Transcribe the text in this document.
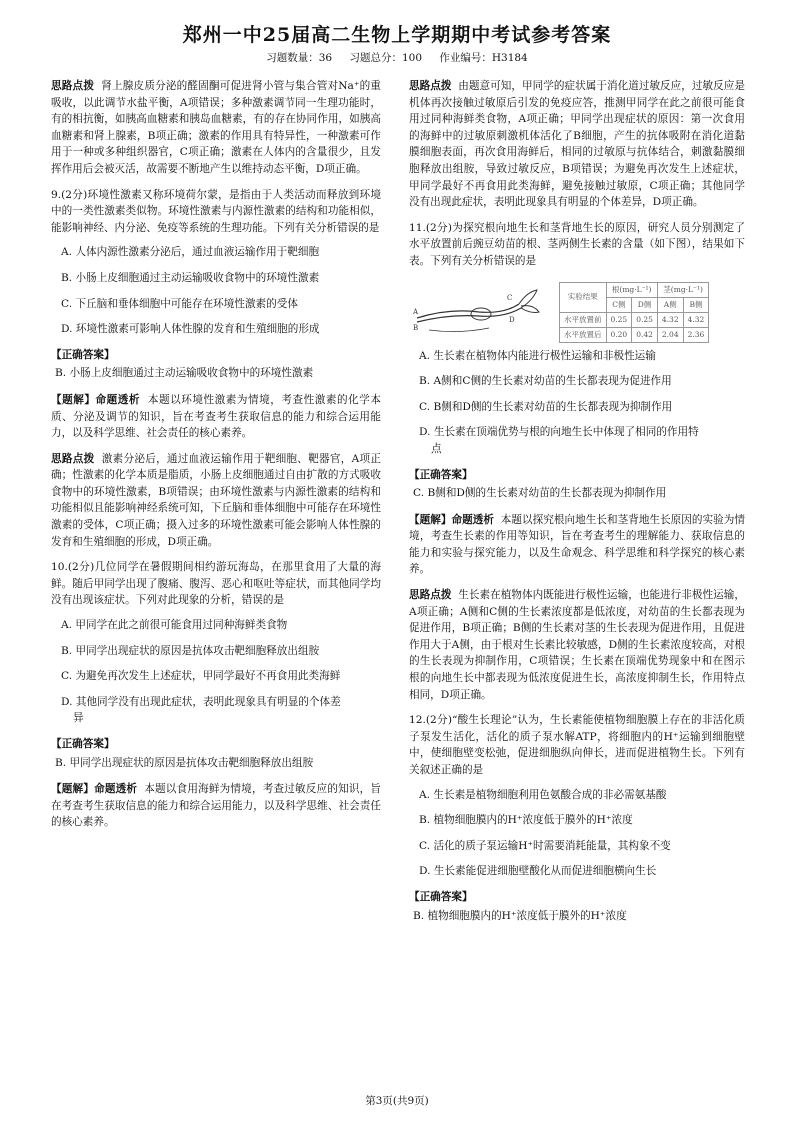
郑州一中25届高二生物上学期期中考试参考答案
习题数量：36 习题总分：100 作业编号：H3184

思路点拨 肾上腺皮质分泌的醛固酮可促进肾小管与集合管对Na⁺的重吸收，以此调节水盐平衡，A项错误；多种激素调节同一生理功能时，有的相抗衡，如胰高血糖素和胰岛血糖素，有的存在协同作用，如胰高血糖素和肾上腺素，B项正确；激素的作用具有特异性，一种激素可作用于一种或多种组织器官，C项正确；激素在人体内的含量很少，且发挥作用后会被灭活，故需要不断地产生以维持动态平衡，D项正确。

9.(2分)环境性激素又称环境荷尔蒙，是指由于人类活动而释放到环境中的一类性激素类似物。环境性激素与内源性激素的结构和功能相似，能影响神经、内分泌、免疫等系统的生理功能。下列有关分析错误的是

A. 人体内源性激素分泌后，通过血液运输作用于靶细胞
B. 小肠上皮细胞通过主动运输吸收食物中的环境性激素
C. 下丘脑和垂体细胞中可能存在环境性激素的受体
D. 环境性激素可影响人体性腺的发育和生殖细胞的形成
【正确答案】
B. 小肠上皮细胞通过主动运输吸收食物中的环境性激素

【题解】命题透析 本题以环境性激素为情境，考查性激素的化学本质、分泌及调节的知识，旨在考查考生获取信息的能力和综合运用能力，以及科学思维、社会责任的核心素养。

思路点拨 激素分泌后，通过血液运输作用于靶细胞、靶器官，A项正确；性激素的化学本质是脂质，小肠上皮细胞通过自由扩散的方式吸收食物中的环境性激素，B项错误；由环境性激素与内源性激素的结构和功能相似且能影响神经系统可知，下丘脑和垂体细胞中可能存在环境性激素的受体，C项正确；摄入过多的环境性激素可能会影响人体性腺的发育和生殖细胞的形成，D项正确。

10.(2分)几位同学在暑假期间相约游玩海岛，在那里食用了大量的海鲜。随后甲同学出现了腹痛、腹泻、恶心和呕吐等症状，而其他同学均没有出现该症状。下列对此现象的分析，错误的是

A. 甲同学在此之前很可能食用过同种海鲜类食物
B. 甲同学出现症状的原因是抗体攻击靶细胞释放出组胺
C. 为避免再次发生上述症状，甲同学最好不再食用此类海鲜
D. 其他同学没有出现此症状，表明此现象具有明显的个体差
异
【正确答案】
B. 甲同学出现症状的原因是抗体攻击靶细胞释放出组胺

【题解】命题透析 本题以食用海鲜为情境，考查过敏反应的知识，旨在考查考生获取信息的能力和综合运用能力，以及科学思维、社会责任的核心素养。

思路点拨 由题意可知，甲同学的症状属于消化道过敏反应，过敏反应是机体再次接触过敏原后引发的免疫应答，推测甲同学在此之前很可能食用过同种海鲜类食物，A项正确；甲同学出现症状的原因：第一次食用的海鲜中的过敏原刺激机体活化了B细胞，产生的抗体吸附在消化道黏膜细胞表面，再次食用海鲜后，相同的过敏原与抗体结合，刺激黏膜细胞释放出组胺，导致过敏反应，B项错误；为避免再次发生上述症状，甲同学最好不再食用此类海鲜，避免接触过敏原，C项正确；其他同学没有出现此症状，表明此现象具有明显的个体差异，D项正确。

11.(2分)为探究根向地生长和茎背地生长的原因，研究人员分别测定了水平放置前后豌豆幼苗的根、茎两侧生长素的含量（如下图），结果如下表。下列有关分析错误的是

A
B
C
D
实验结果	根(mg·L⁻¹)		茎(mg·L⁻¹)	
	C侧	D侧	A侧	B侧
水平放置前	0.25	0.25	4.32	4.32
水平放置后	0.20	0.42	2.04	2.36
A. 生长素在植物体内能进行极性运输和非极性运输
B. A侧和C侧的生长素对幼苗的生长都表现为促进作用
C. B侧和D侧的生长素对幼苗的生长都表现为抑制作用
D. 生长素在顶端优势与根的向地生长中体现了相同的作用特
点
【正确答案】
C. B侧和D侧的生长素对幼苗的生长都表现为抑制作用

【题解】命题透析 本题以探究根向地生长和茎背地生长原因的实验为情境，考查生长素的作用等知识，旨在考查考生的理解能力、获取信息的能力和实验与探究能力，以及生命观念、科学思维和科学探究的核心素养。

思路点拨 生长素在植物体内既能进行极性运输，也能进行非极性运输，A项正确；A侧和C侧的生长素浓度都是低浓度，对幼苗的生长都表现为促进作用，B项正确；B侧的生长素对茎的生长表现为促进作用，且促进作用大于A侧，由于根对生长素比较敏感，D侧的生长素浓度较高，对根的生长表现为抑制作用，C项错误；生长素在顶端优势现象中和在图示根的向地生长中都表现为低浓度促进生长，高浓度抑制生长，作用特点相同，D项正确。

12.(2分)“酸生长理论”认为，生长素能使植物细胞膜上存在的非活化质子泵发生活化，活化的质子泵水解ATP，将细胞内的H⁺运输到细胞壁中，使细胞壁变松弛，促进细胞纵向伸长，进而促进植物生长。下列有关叙述正确的是

A. 生长素是植物细胞利用色氨酸合成的非必需氨基酸
B. 植物细胞膜内的H⁺浓度低于膜外的H⁺浓度
C. 活化的质子泵运输H⁺时需要消耗能量，其构象不变
D. 生长素能促进细胞壁酸化从而促进细胞横向生长
【正确答案】
B. 植物细胞膜内的H⁺浓度低于膜外的H⁺浓度
第3页(共9页)
